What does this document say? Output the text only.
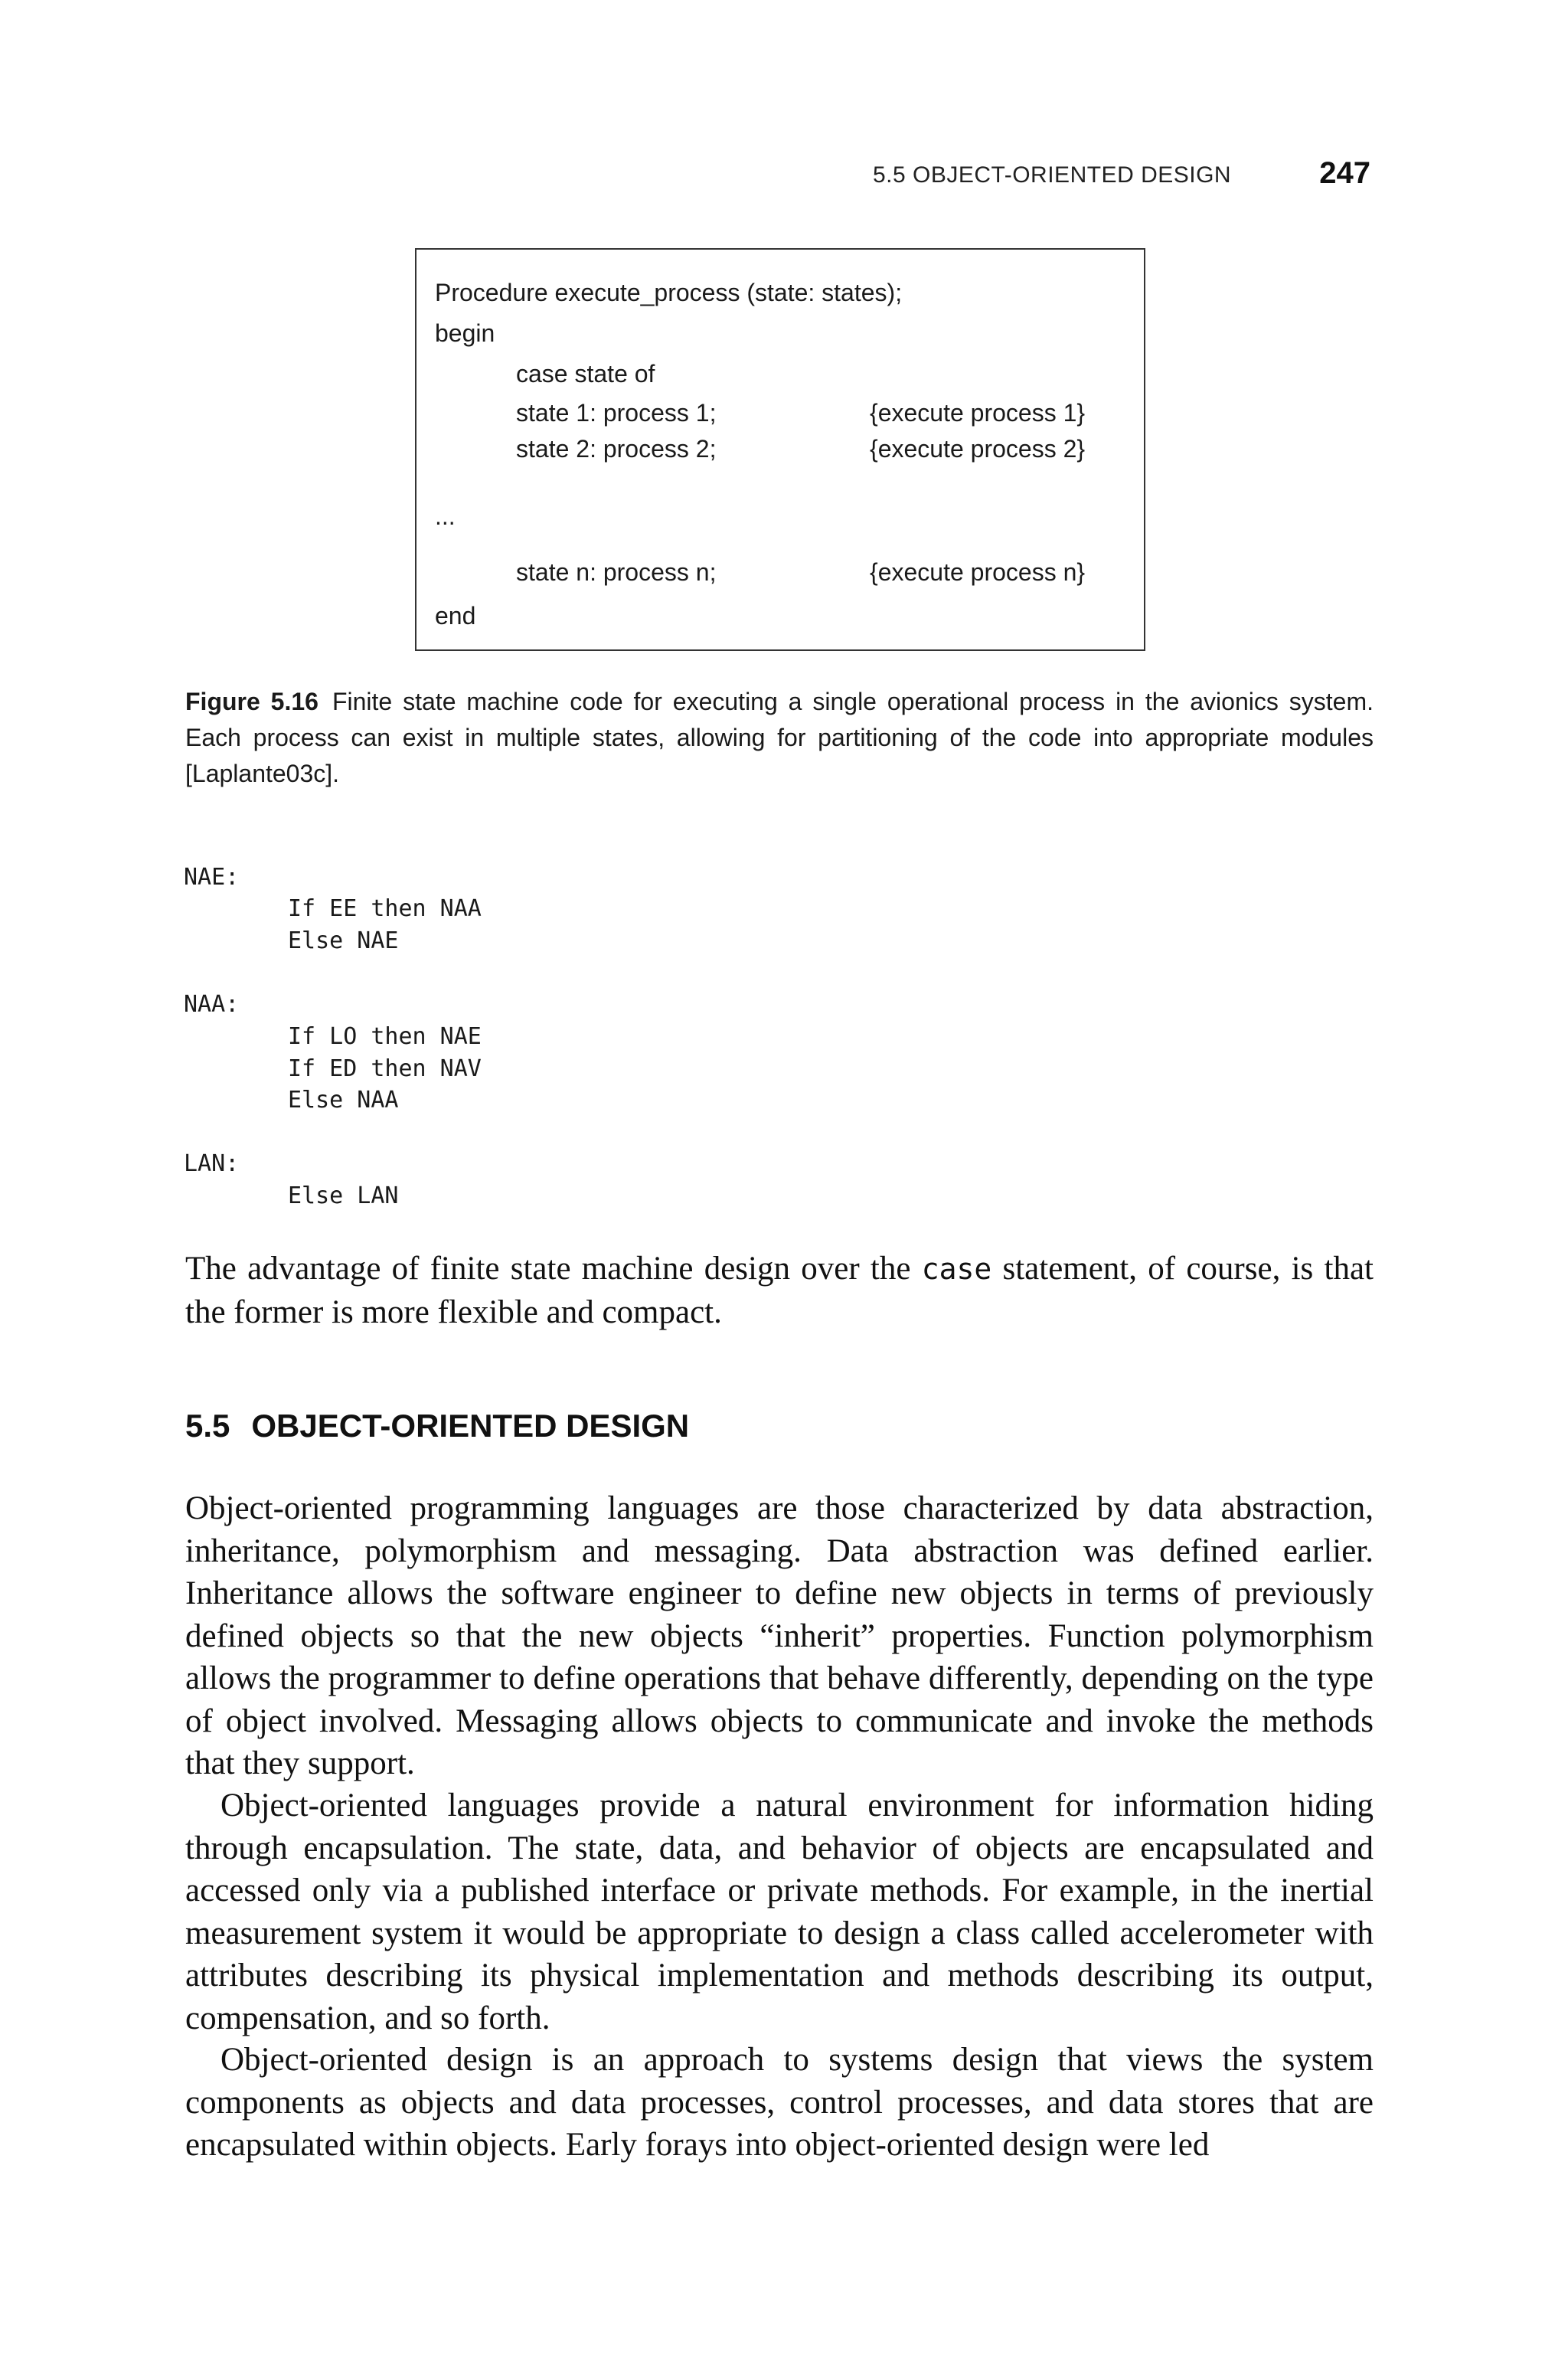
5.5 OBJECT-ORIENTED DESIGN	247
Procedure execute_process (state: states);
begin
case state of
state 1: process 1;	{execute process 1}
state 2: process 2;	{execute process 2}
...
state n: process n;	{execute process n}
end
Figure 5.16 Finite state machine code for executing a single operational process in the avionics system. Each process can exist in multiple states, allowing for partitioning of the code into appropriate modules [Laplante03c].
NAE:
If EE then NAA
Else NAE
NAA:
If LO then NAE
If ED then NAV
Else NAA
LAN:
Else LAN
The advantage of finite state machine design over the case statement, of course, is that the former is more flexible and compact.
5.5 OBJECT-ORIENTED DESIGN
Object-oriented programming languages are those characterized by data abstraction, inheritance, polymorphism and messaging. Data abstraction was defined earlier. Inheritance allows the software engineer to define new objects in terms of previously defined objects so that the new objects “inherit” properties. Function polymorphism allows the programmer to define operations that behave differently, depending on the type of object involved. Messaging allows objects to communicate and invoke the methods that they support.
Object-oriented languages provide a natural environment for information hiding through encapsulation. The state, data, and behavior of objects are encapsulated and accessed only via a published interface or private methods. For example, in the inertial measurement system it would be appropriate to design a class called accelerometer with attributes describing its physical implementation and methods describing its output, compensation, and so forth.
Object-oriented design is an approach to systems design that views the system components as objects and data processes, control processes, and data stores that are encapsulated within objects. Early forays into object-oriented design were led
